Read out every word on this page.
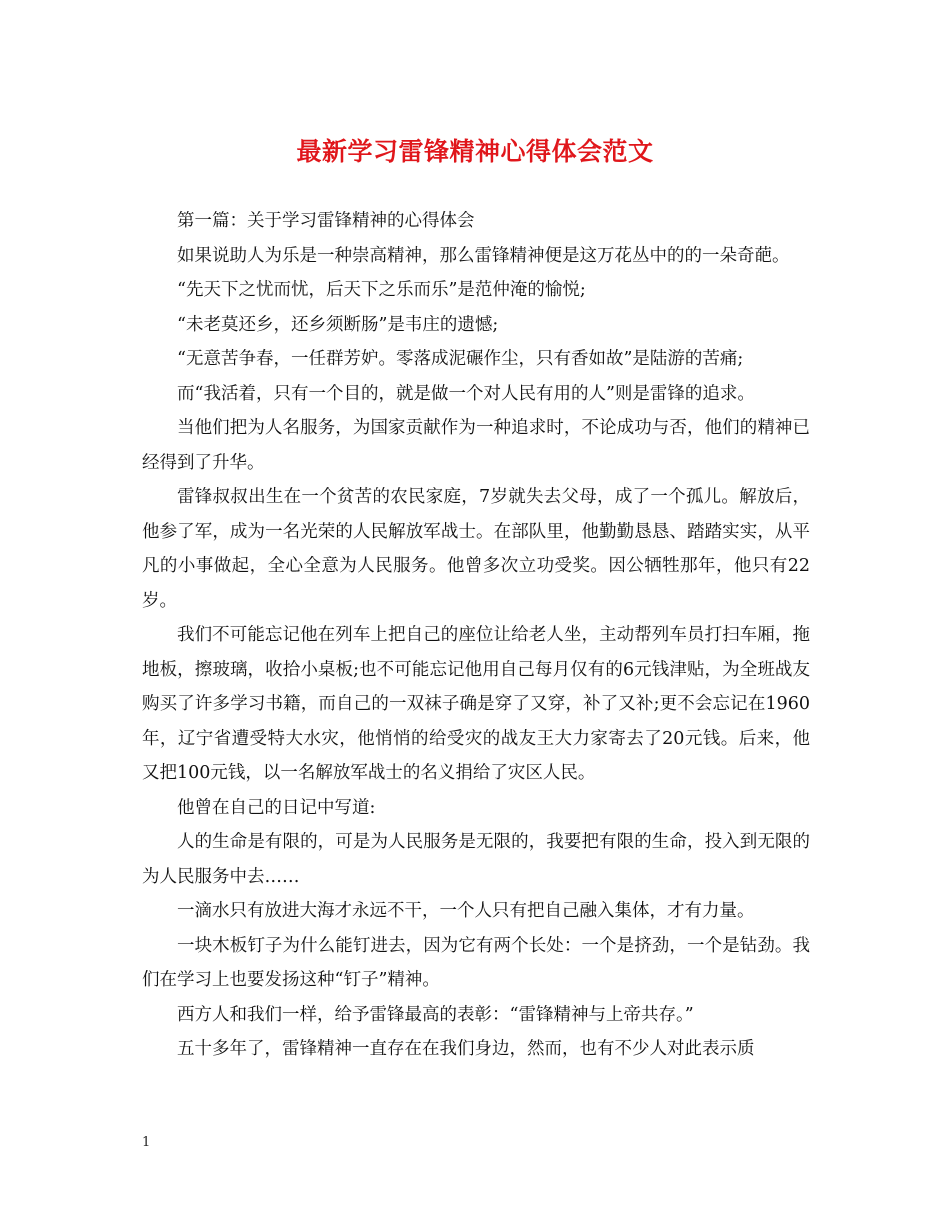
最新学习雷锋精神心得体会范文

第一篇：关于学习雷锋精神的心得体会

如果说助人为乐是一种崇高精神，那么雷锋精神便是这万花丛中的的一朵奇葩。

“先天下之忧而忧，后天下之乐而乐”是范仲淹的愉悦;

“未老莫还乡，还乡须断肠”是韦庄的遗憾;

“无意苦争春，一任群芳妒。零落成泥碾作尘，只有香如故”是陆游的苦痛;

而“我活着，只有一个目的，就是做一个对人民有用的人”则是雷锋的追求。

当他们把为人名服务，为国家贡献作为一种追求时，不论成功与否，他们的精神已经得到了升华。

雷锋叔叔出生在一个贫苦的农民家庭，7岁就失去父母，成了一个孤儿。解放后，他参了军，成为一名光荣的人民解放军战士。在部队里，他勤勤恳恳、踏踏实实，从平凡的小事做起，全心全意为人民服务。他曾多次立功受奖。因公牺牲那年，他只有22岁。

我们不可能忘记他在列车上把自己的座位让给老人坐，主动帮列车员打扫车厢，拖地板，擦玻璃，收拾小桌板;也不可能忘记他用自己每月仅有的6元钱津贴，为全班战友购买了许多学习书籍，而自己的一双袜子确是穿了又穿，补了又补;更不会忘记在1960年，辽宁省遭受特大水灾，他悄悄的给受灾的战友王大力家寄去了20元钱。后来，他又把100元钱，以一名解放军战士的名义捐给了灾区人民。

他曾在自己的日记中写道:

人的生命是有限的，可是为人民服务是无限的，我要把有限的生命，投入到无限的为人民服务中去……

一滴水只有放进大海才永远不干，一个人只有把自己融入集体，才有力量。

一块木板钉子为什么能钉进去，因为它有两个长处：一个是挤劲，一个是钻劲。我们在学习上也要发扬这种“钉子”精神。

西方人和我们一样，给予雷锋最高的表彰：“雷锋精神与上帝共存。”

五十多年了，雷锋精神一直存在在我们身边，然而，也有不少人对此表示质

1
